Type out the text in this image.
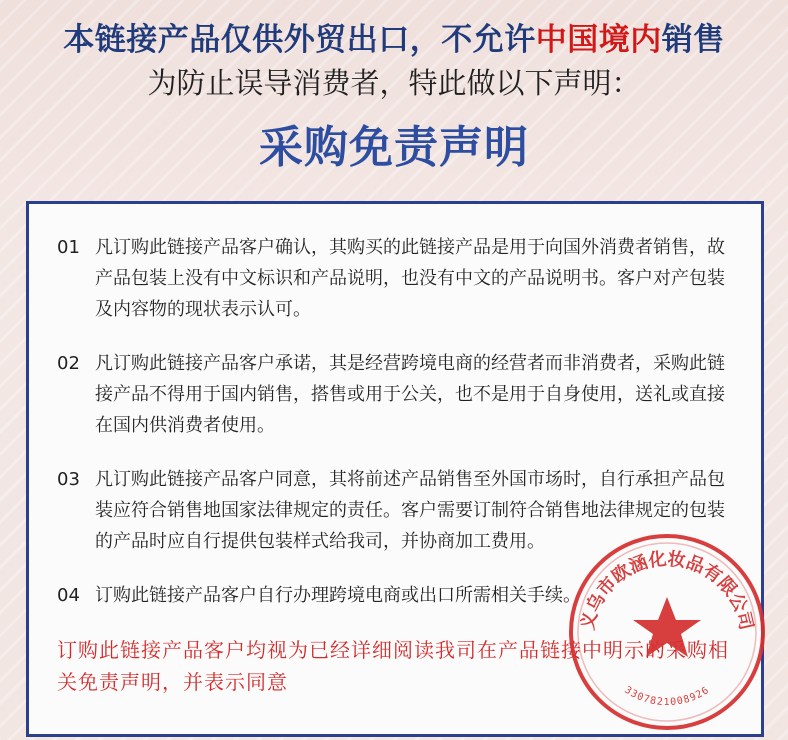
本链接产品仅供外贸出口，不允许中国境内销售
为防止误导消费者，特此做以下声明：
采购免责声明
01 凡订购此链接产品客户确认，其购买的此链接产品是用于向国外消费者销售，故产品包装上没有中文标识和产品说明，也没有中文的产品说明书。客户对产包装及内容物的现状表示认可。
02 凡订购此链接产品客户承诺，其是经营跨境电商的经营者而非消费者，采购此链接产品不得用于国内销售，搭售或用于公关，也不是用于自身使用，送礼或直接在国内供消费者使用。
03 凡订购此链接产品客户同意，其将前述产品销售至外国市场时，自行承担产品包装应符合销售地国家法律规定的责任。客户需要订制符合销售地法律规定的包装的产品时应自行提供包装样式给我司，并协商加工费用。
04 订购此链接产品客户自行办理跨境电商或出口所需相关手续。
订购此链接产品客户均视为已经详细阅读我司在产品链接中明示的采购相关免责声明，并表示同意
义乌市欧涵化妆品有限公司
3307821008926
